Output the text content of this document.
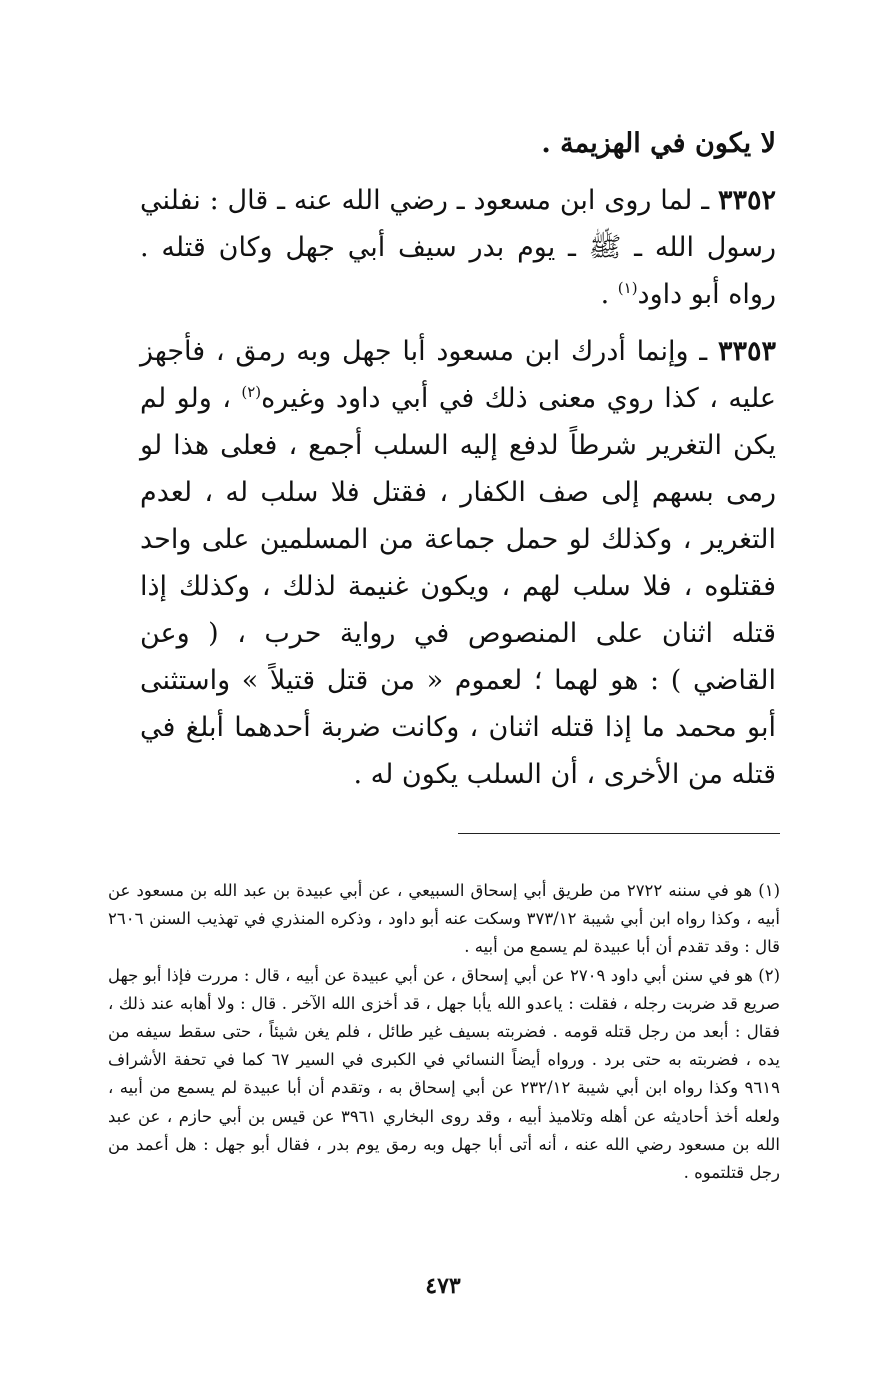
لا يكون في الهزيمة .

٣٣٥٢ ـ لما روى ابن مسعود ـ رضي الله عنه ـ قال : نفلني رسول الله ـ ﷺ ـ يوم بدر سيف أبي جهل وكان قتله . رواه أبو داود$^{(١)}$ .

٣٣٥٣ ـ وإنما أدرك ابن مسعود أبا جهل وبه رمق ، فأجهز عليه ، كذا روي معنى ذلك في أبي داود وغيره$^{(٢)}$ ، ولو لم يكن التغرير شرطاً لدفع إليه السلب أجمع ، فعلى هذا لو رمى بسهم إلى صف الكفار ، فقتل فلا سلب له ، لعدم التغرير ، وكذلك لو حمل جماعة من المسلمين على واحد فقتلوه ، فلا سلب لهم ، ويكون غنيمة لذلك ، وكذلك إذا قتله اثنان على المنصوص في رواية حرب ، ( وعن القاضي ) : هو لهما ؛ لعموم « من قتل قتيلاً » واستثنى أبو محمد ما إذا قتله اثنان ، وكانت ضربة أحدهما أبلغ في قتله من الأخرى ، أن السلب يكون له .

(١) هو في سننه ٢٧٢٢ من طريق أبي إسحاق السبيعي ، عن أبي عبيدة بن عبد الله بن مسعود عن أبيه ، وكذا رواه ابن أبي شيبة ٣٧٣/١٢ وسكت عنه أبو داود ، وذكره المنذري في تهذيب السنن ٢٦٠٦ قال : وقد تقدم أن أبا عبيدة لم يسمع من أبيه .

(٢) هو في سنن أبي داود ٢٧٠٩ عن أبي إسحاق ، عن أبي عبيدة عن أبيه ، قال : مررت فإذا أبو جهل صريع قد ضربت رجله ، فقلت : ياعدو الله يأبا جهل ، قد أخزى الله الآخر . قال : ولا أهابه عند ذلك ، فقال : أبعد من رجل قتله قومه . فضربته بسيف غير طائل ، فلم يغن شيئاً ، حتى سقط سيفه من يده ، فضربته به حتى برد . ورواه أيضاً النسائي في الكبرى في السير ٦٧ كما في تحفة الأشراف ٩٦١٩ وكذا رواه ابن أبي شيبة ٢٣٢/١٢ عن أبي إسحاق به ، وتقدم أن أبا عبيدة لم يسمع من أبيه ، ولعله أخذ أحاديثه عن أهله وتلاميذ أبيه ، وقد روى البخاري ٣٩٦١ عن قيس بن أبي حازم ، عن عبد الله بن مسعود رضي الله عنه ، أنه أتى أبا جهل وبه رمق يوم بدر ، فقال أبو جهل : هل أعمد من رجل قتلتموه .

٤٧٣
